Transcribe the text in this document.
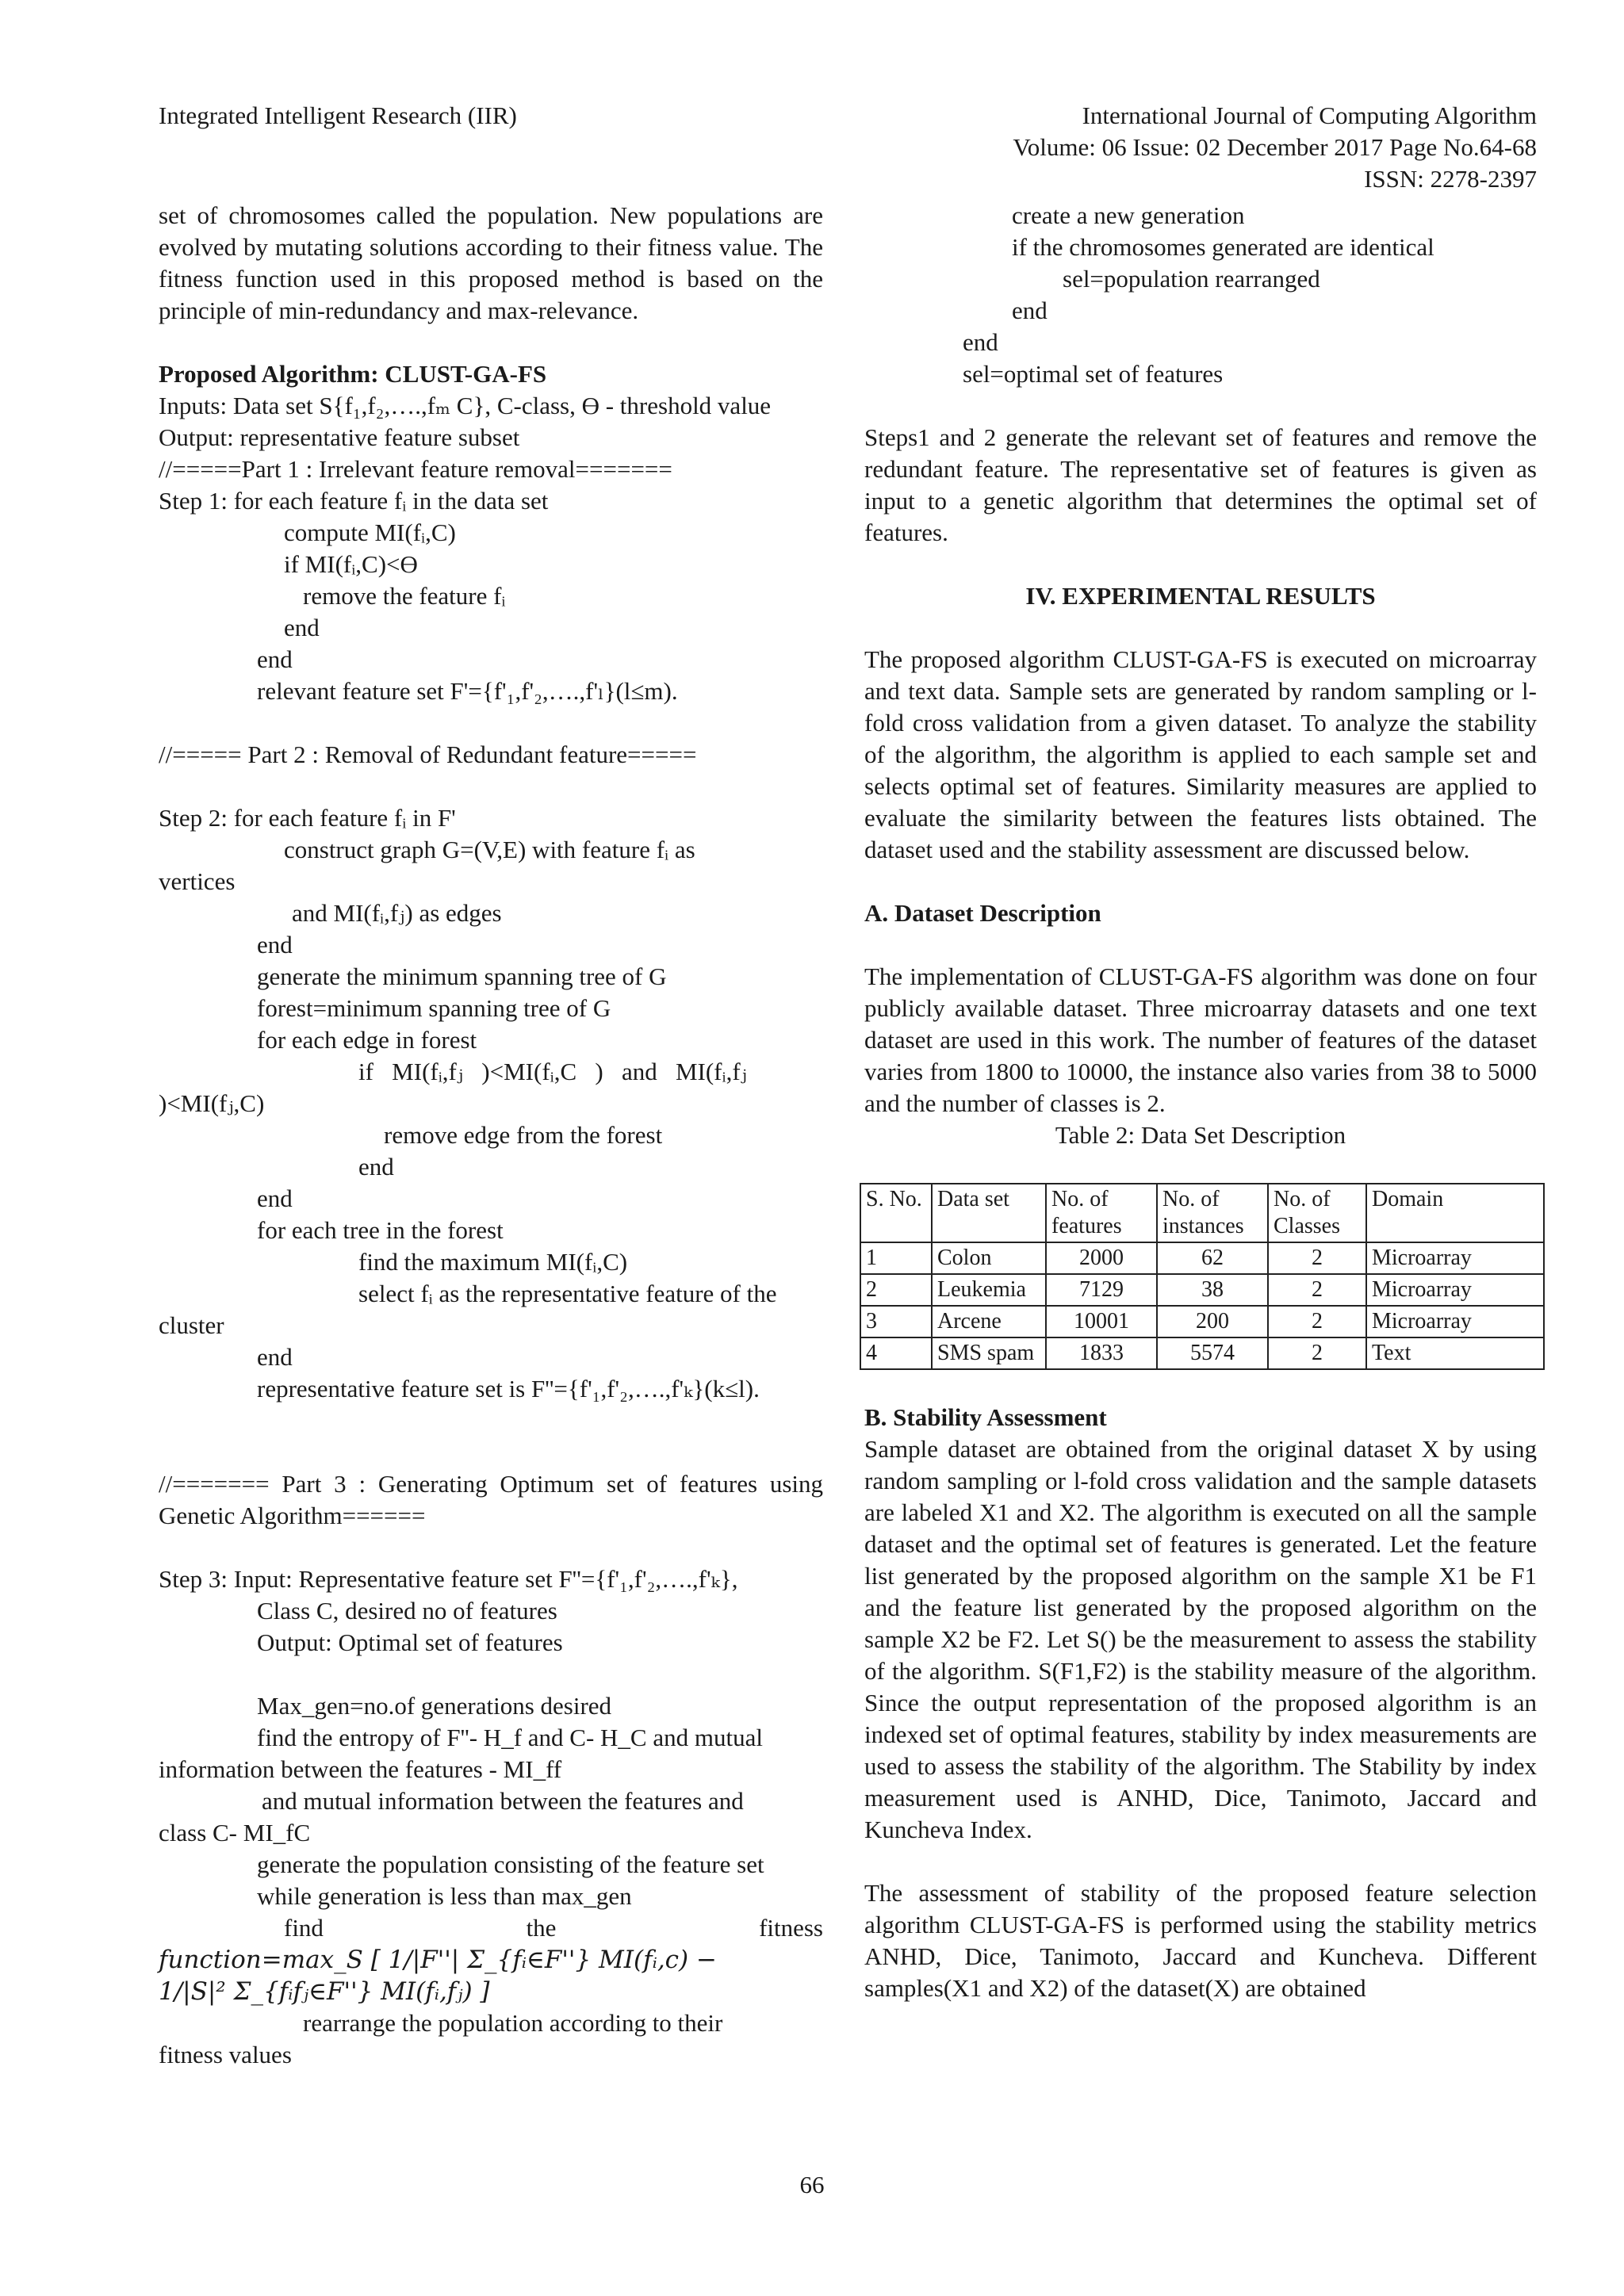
Integrated Intelligent Research (IIR)	International Journal of Computing Algorithm
Volume: 06 Issue: 02 December 2017 Page No.64-68
ISSN: 2278-2397

set of chromosomes called the population. New populations are evolved by mutating solutions according to their fitness value. The fitness function used in this proposed method is based on the principle of min-redundancy and max-relevance.

Proposed Algorithm: CLUST-GA-FS
Inputs: Data set S{f₁,f₂,….,fₘ C}, C-class, ϴ - threshold value
Output: representative feature subset
//=====Part 1 : Irrelevant feature removal=======
Step 1: for each feature fᵢ in the data set
compute MI(fᵢ,C)
if MI(fᵢ,C)<ϴ
remove the feature fᵢ
end
end
relevant feature set F'={f'₁,f'₂,….,f'ₗ}(l≤m).
//===== Part 2 : Removal of Redundant feature=====
Step 2: for each feature fᵢ in F'
construct graph G=(V,E) with feature fᵢ as
vertices
and MI(fᵢ,fⱼ) as edges
end
generate the minimum spanning tree of G
forest=minimum spanning tree of G
for each edge in forest
if   MI(fᵢ,fⱼ   )<MI(fᵢ,C   )   and   MI(fᵢ,fⱼ
)<MI(fⱼ,C)
remove edge from the forest
end
end
for each tree in the forest
find the maximum MI(fᵢ,C)
select fᵢ as the representative feature of the
cluster
end
representative feature set is F''={f'₁,f'₂,….,f'ₖ}(k≤l).
//======= Part 3 : Generating Optimum set of features using Genetic Algorithm======
Step 3: Input: Representative feature set F''={f'₁,f'₂,….,f'ₖ},
Class C, desired no of features
Output: Optimal set of features
Max_gen=no.of generations desired
find the entropy of F''- H_f and C- H_C and mutual
information between the features - MI_ff
and mutual information between the features and
class C- MI_fC
generate the population consisting of the feature set
while generation is less than max_gen
find	the	fitness
function=max_S [ 1/|F''| Σ_{fᵢ∈F''} MI(fᵢ,c) −
1/|S|² Σ_{fᵢfⱼ∈F''} MI(fᵢ,fⱼ) ]
rearrange the population according to their
fitness values
create a new generation
if the chromosomes generated are identical
sel=population rearranged
end
end
sel=optimal set of features

Steps1 and 2 generate the relevant set of features and remove the redundant feature. The representative set of features is given as input to a genetic algorithm that determines the optimal set of features.

IV. EXPERIMENTAL RESULTS

The proposed algorithm CLUST-GA-FS is executed on microarray and text data. Sample sets are generated by random sampling or l-fold cross validation from a given dataset. To analyze the stability of the algorithm, the algorithm is applied to each sample set and selects optimal set of features. Similarity measures are applied to evaluate the similarity between the features lists obtained. The dataset used and the stability assessment are discussed below.

A. Dataset Description

The implementation of CLUST-GA-FS algorithm was done on four publicly available dataset. Three microarray datasets and one text dataset are used in this work. The number of features of the dataset varies from 1800 to 10000, the instance also varies from 38 to 5000 and the number of classes is 2.

Table 2: Data Set Description
S. No.	Data set	No. of features	No. of instances	No. of Classes	Domain
1	Colon	2000	62	2	Microarray
2	Leukemia	7129	38	2	Microarray
3	Arcene	10001	200	2	Microarray
4	SMS spam	1833	5574	2	Text
B. Stability Assessment

Sample dataset are obtained from the original dataset X by using random sampling or l-fold cross validation and the sample datasets are labeled X1 and X2. The algorithm is executed on all the sample dataset and the optimal set of features is generated. Let the feature list generated by the proposed algorithm on the sample X1 be F1 and the feature list generated by the proposed algorithm on the sample X2 be F2. Let S() be the measurement to assess the stability of the algorithm. S(F1,F2) is the stability measure of the algorithm. Since the output representation of the proposed algorithm is an indexed set of optimal features, stability by index measurements are used to assess the stability of the algorithm. The Stability by index measurement used is ANHD, Dice, Tanimoto, Jaccard and Kuncheva Index.

The assessment of stability of the proposed feature selection algorithm CLUST-GA-FS is performed using the stability metrics ANHD, Dice, Tanimoto, Jaccard and Kuncheva. Different samples(X1 and X2) of the dataset(X) are obtained

66
